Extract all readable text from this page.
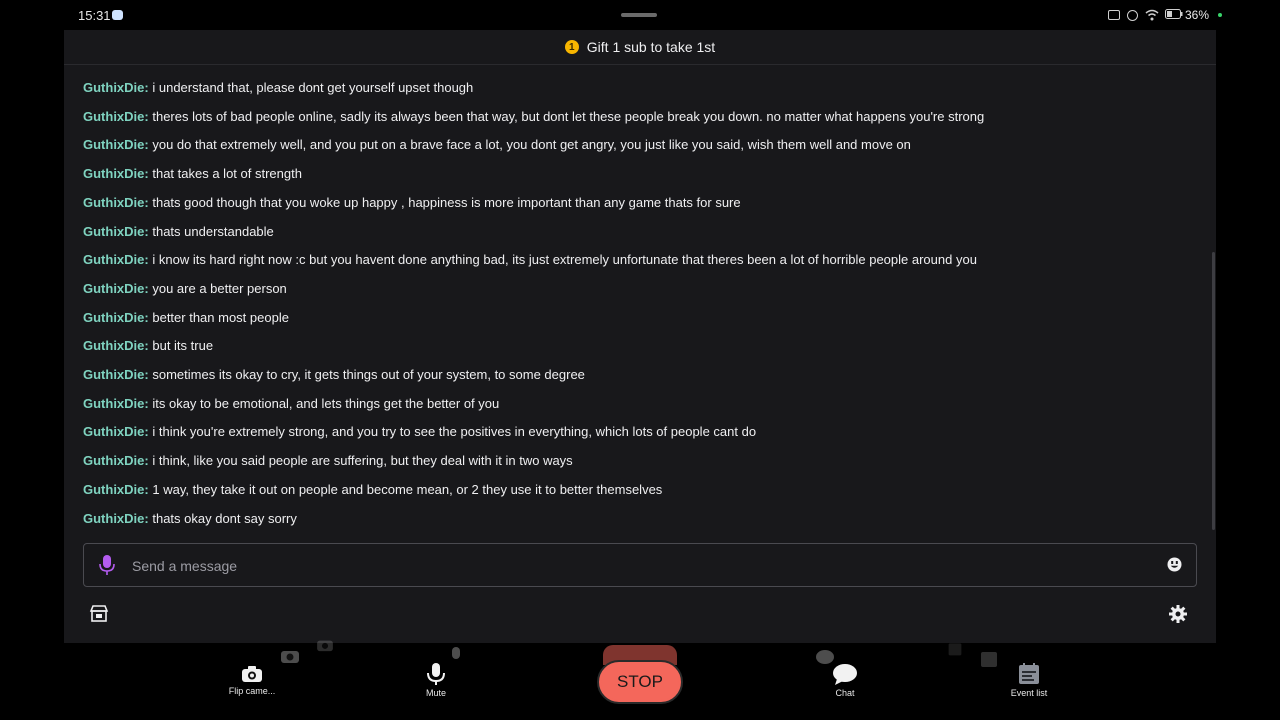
15:31	36%
1 Gift 1 sub to take 1st
GuthixDie: i understand that, please dont get yourself upset though
GuthixDie: theres lots of bad people online, sadly its always been that way, but dont let these people break you down. no matter what happens you're strong
GuthixDie: you do that extremely well, and you put on a brave face a lot, you dont get angry, you just like you said, wish them well and move on
GuthixDie: that takes a lot of strength
GuthixDie: thats good though that you woke up happy , happiness is more important than any game thats for sure
GuthixDie: thats understandable
GuthixDie: i know its hard right now :c but you havent done anything bad, its just extremely unfortunate that theres been a lot of horrible people around you
GuthixDie: you are a better person
GuthixDie: better than most people
GuthixDie: but its true
GuthixDie: sometimes its okay to cry, it gets things out of your system, to some degree
GuthixDie: its okay to be emotional, and lets things get the better of you
GuthixDie: i think you're extremely strong, and you try to see the positives in everything, which lots of people cant do
GuthixDie: i think, like you said people are suffering, but they deal with it in two ways
GuthixDie: 1 way, they take it out on people and become mean, or 2 they use it to better themselves
GuthixDie: thats okay dont say sorry
Send a message
Flip came...	Mute	Chat	Event list
STOP
